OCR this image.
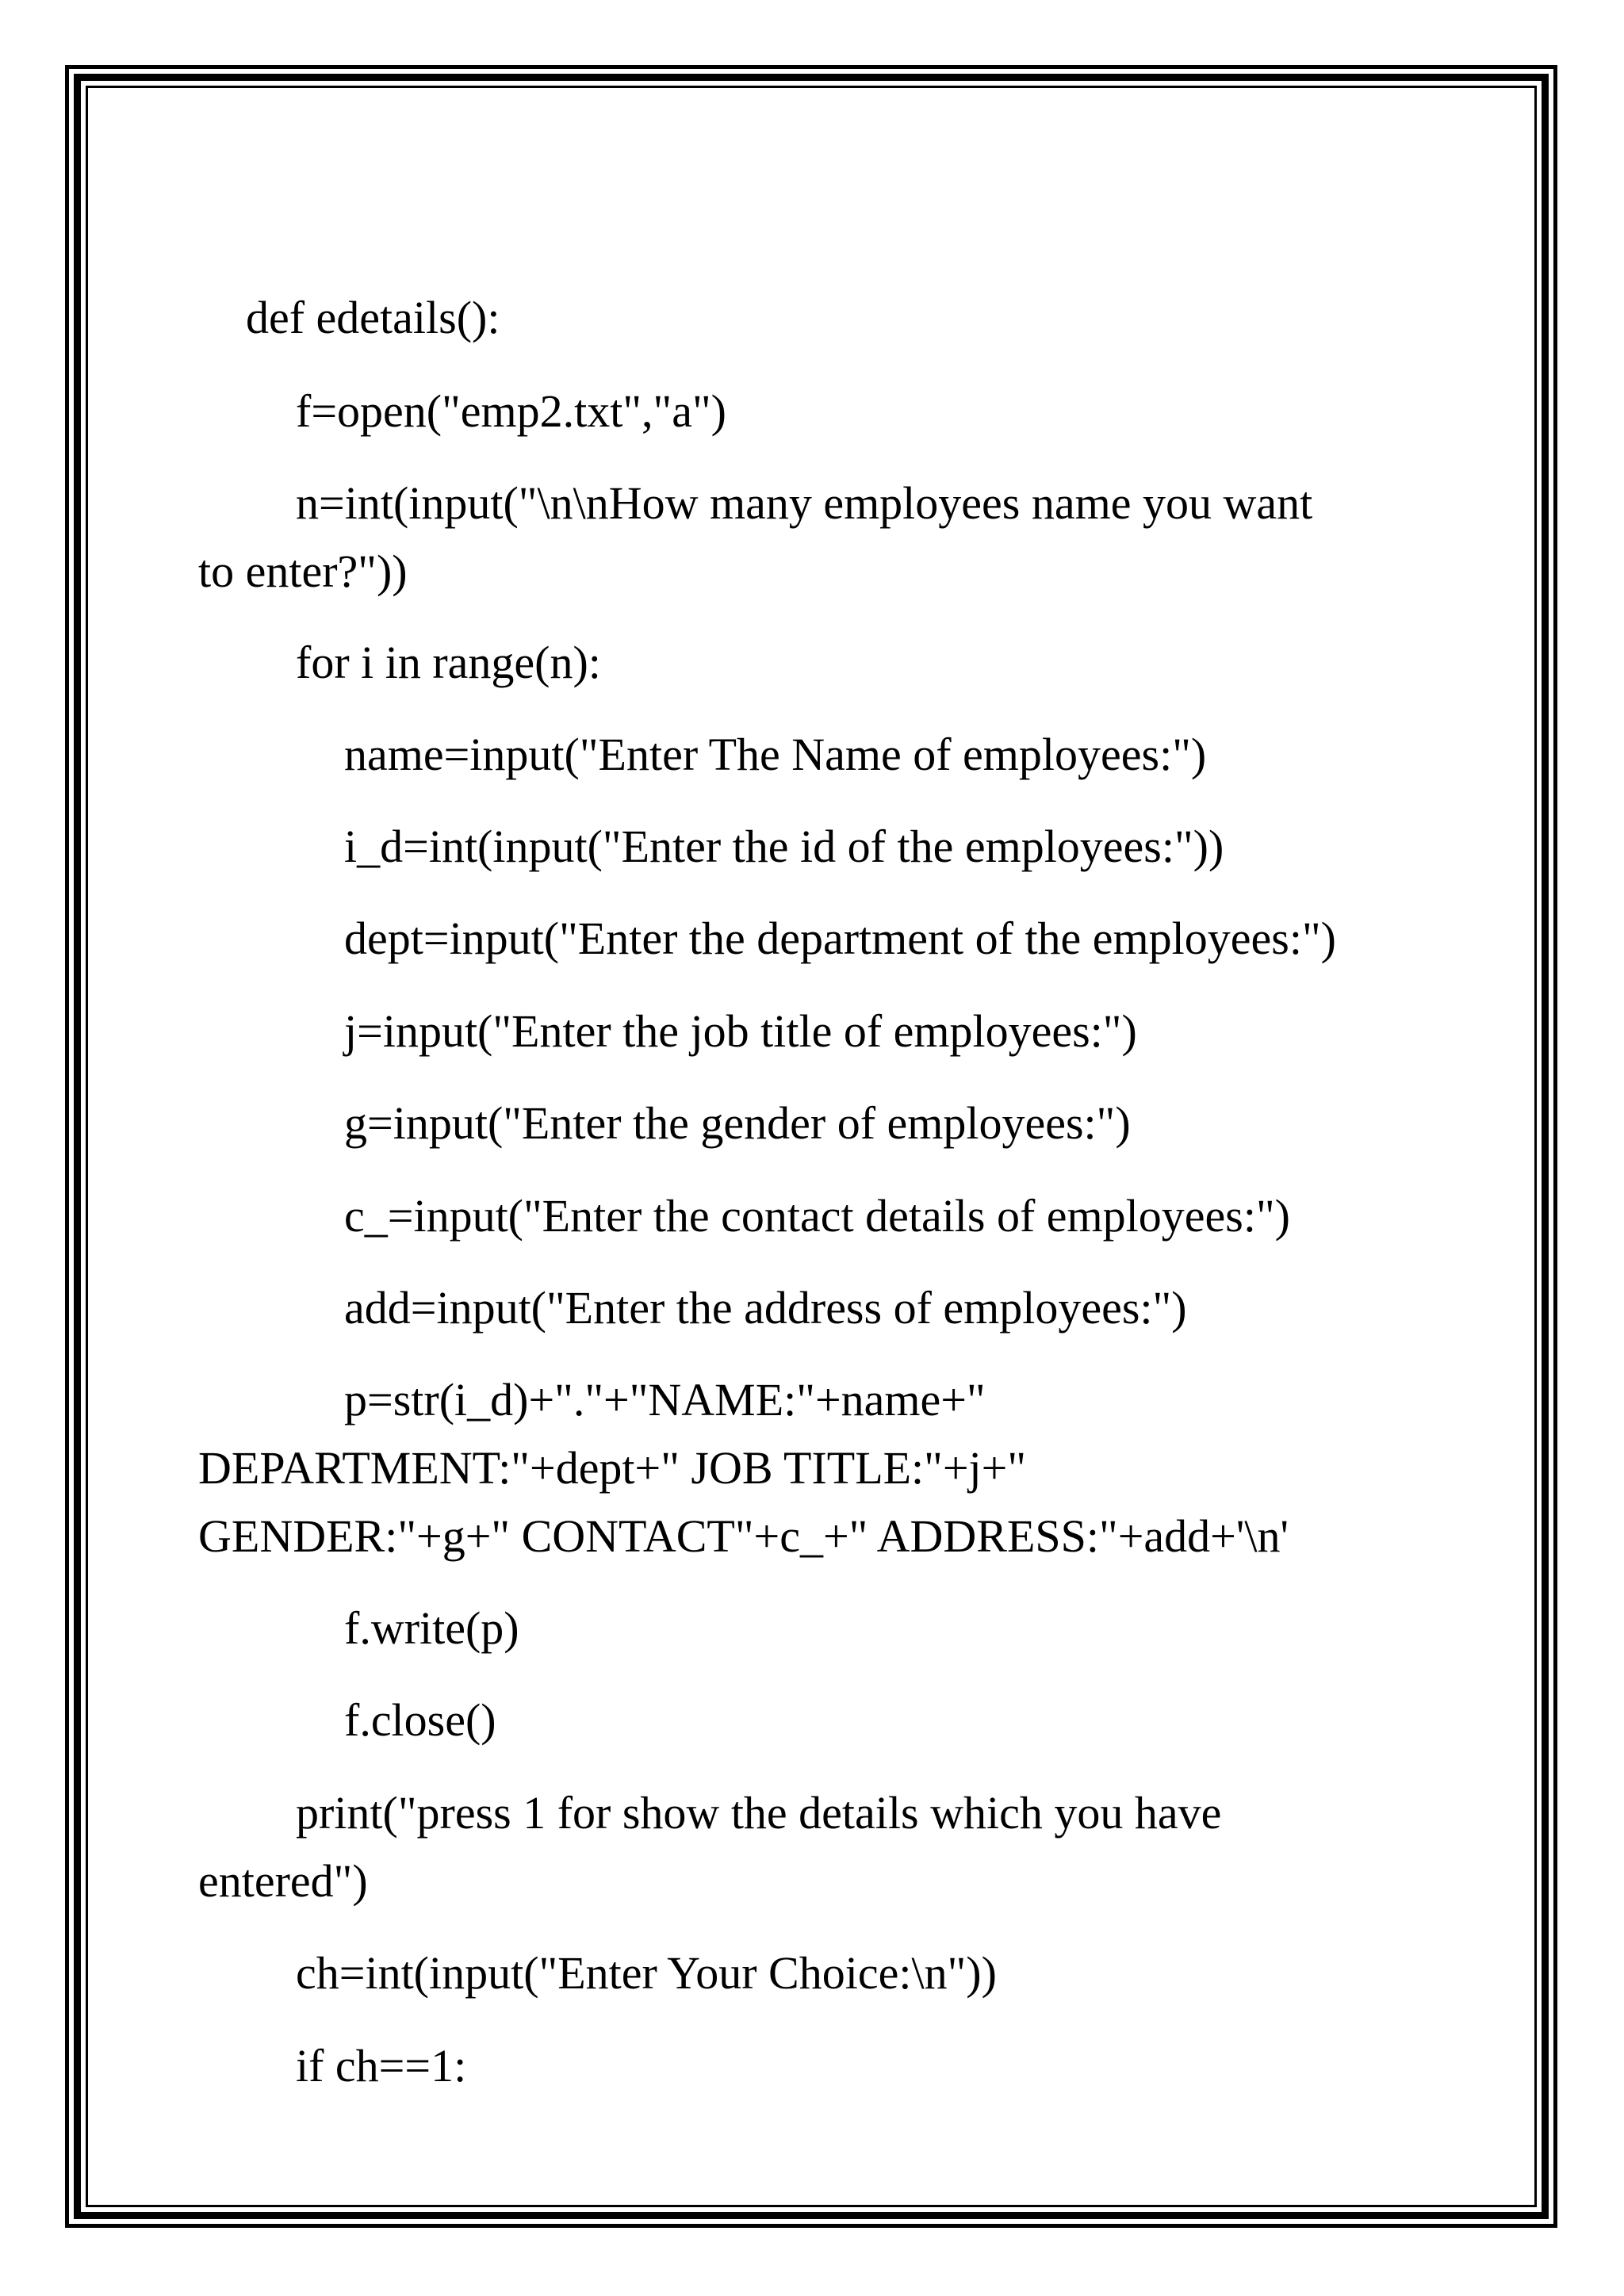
def edetails():

f=open("emp2.txt","a")

n=int(input("\n\nHow many employees name you want

to enter?"))

for i in range(n):

name=input("Enter The Name of employees:")

i_d=int(input("Enter the id of the employees:"))

dept=input("Enter the department of the employees:")

j=input("Enter the job title of employees:")

g=input("Enter the gender of employees:")

c_=input("Enter the contact details of employees:")

add=input("Enter the address of employees:")

p=str(i_d)+"."+"NAME:"+name+"

DEPARTMENT:"+dept+" JOB TITLE:"+j+"

GENDER:"+g+" CONTACT"+c_+" ADDRESS:"+add+'\n'

f.write(p)

f.close()

print("press 1 for show the details which you have

entered")

ch=int(input("Enter Your Choice:\n"))

if ch==1:
